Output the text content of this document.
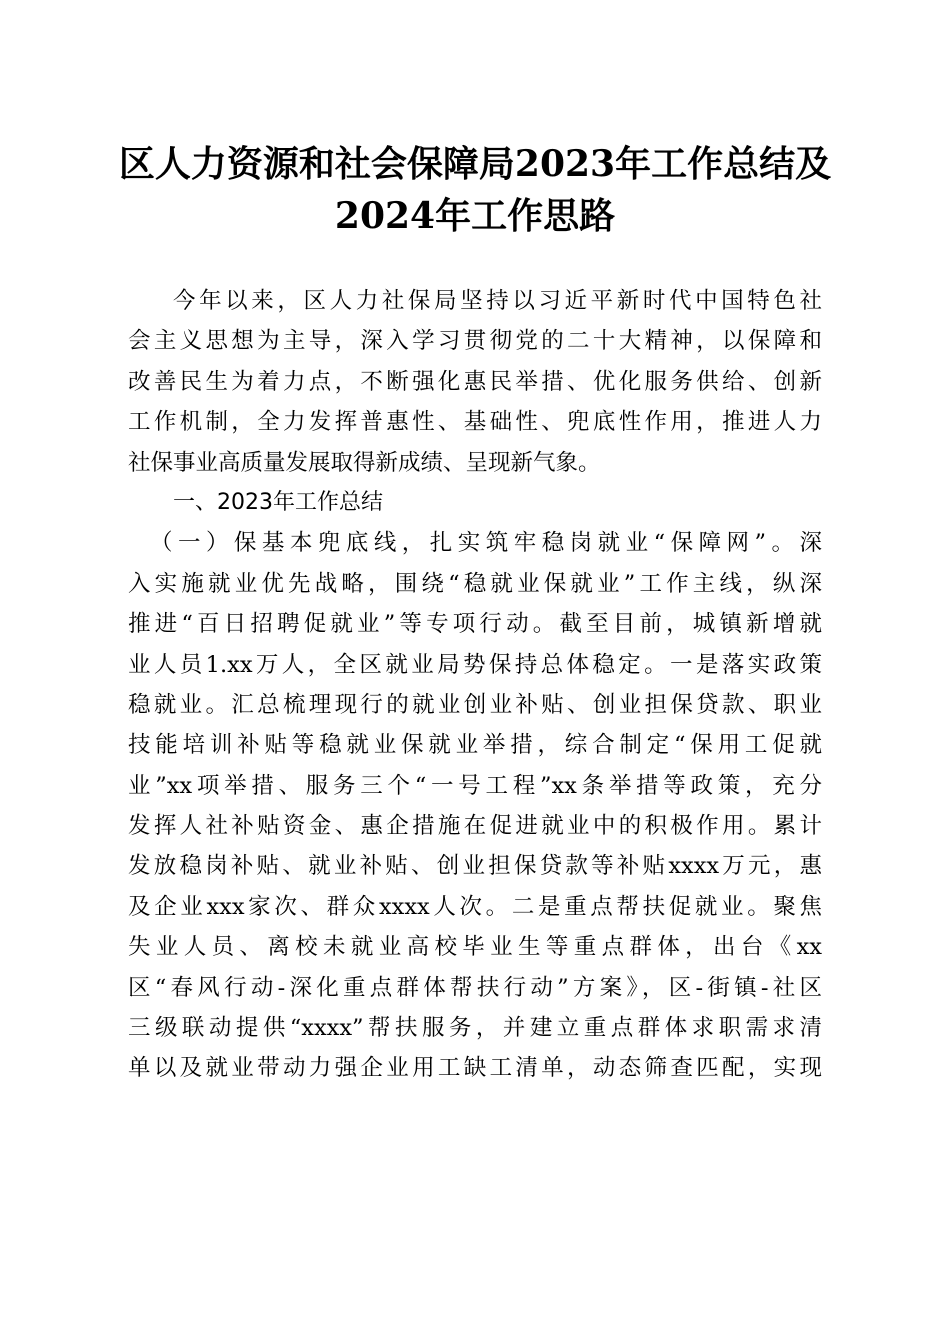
区人力资源和社会保障局2023年工作总结及
2024年工作思路
今年以来，区人力社保局坚持以习近平新时代中国特色社
会主义思想为主导，深入学习贯彻党的二十大精神，以保障和
改善民生为着力点，不断强化惠民举措、优化服务供给、创新
工作机制，全力发挥普惠性、基础性、兜底性作用，推进人力
社保事业高质量发展取得新成绩、呈现新气象。
一、2023年工作总结
（一）保基本兜底线，扎实筑牢稳岗就业“保障网”。深
入实施就业优先战略，围绕“稳就业保就业”工作主线，纵深
推进“百日招聘促就业”等专项行动。截至目前，城镇新增就
业人员1.xx万人，全区就业局势保持总体稳定。一是落实政策
稳就业。汇总梳理现行的就业创业补贴、创业担保贷款、职业
技能培训补贴等稳就业保就业举措，综合制定“保用工促就
业”xx项举措、服务三个“一号工程”xx条举措等政策，充分
发挥人社补贴资金、惠企措施在促进就业中的积极作用。累计
发放稳岗补贴、就业补贴、创业担保贷款等补贴xxxx万元，惠
及企业xxx家次、群众xxxx人次。二是重点帮扶促就业。聚焦
失业人员、离校未就业高校毕业生等重点群体，出台《xx
区“春风行动-深化重点群体帮扶行动”方案》，区-街镇-社区
三级联动提供“xxxx”帮扶服务，并建立重点群体求职需求清
单以及就业带动力强企业用工缺工清单，动态筛查匹配，实现
